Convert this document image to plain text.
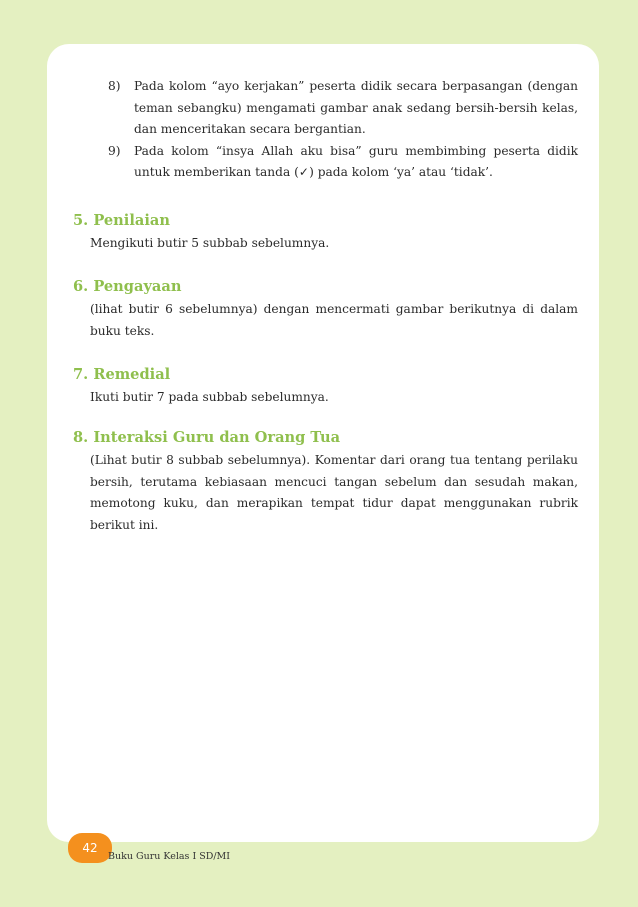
8) Pada kolom “ayo kerjakan” peserta didik secara berpasangan (dengan teman sebangku) mengamati gambar anak sedang bersih-bersih kelas, dan menceritakan secara bergantian.
9) Pada kolom “insya Allah aku bisa” guru membimbing peserta didik untuk memberikan tanda (✓) pada kolom ‘ya’ atau ‘tidak’.
5. Penilaian

Mengikuti butir 5 subbab sebelumnya.

6. Pengayaan

(lihat butir 6 sebelumnya) dengan mencermati gambar berikutnya di dalam buku teks.

7. Remedial

Ikuti butir 7 pada subbab sebelumnya.

8. Interaksi Guru dan Orang Tua

(Lihat butir 8 subbab sebelumnya). Komentar dari orang tua tentang perilaku bersih, terutama kebiasaan mencuci tangan sebelum dan sesudah makan, memotong kuku, dan merapikan tempat tidur dapat menggunakan rubrik berikut ini.

42
Buku Guru Kelas I SD/MI
